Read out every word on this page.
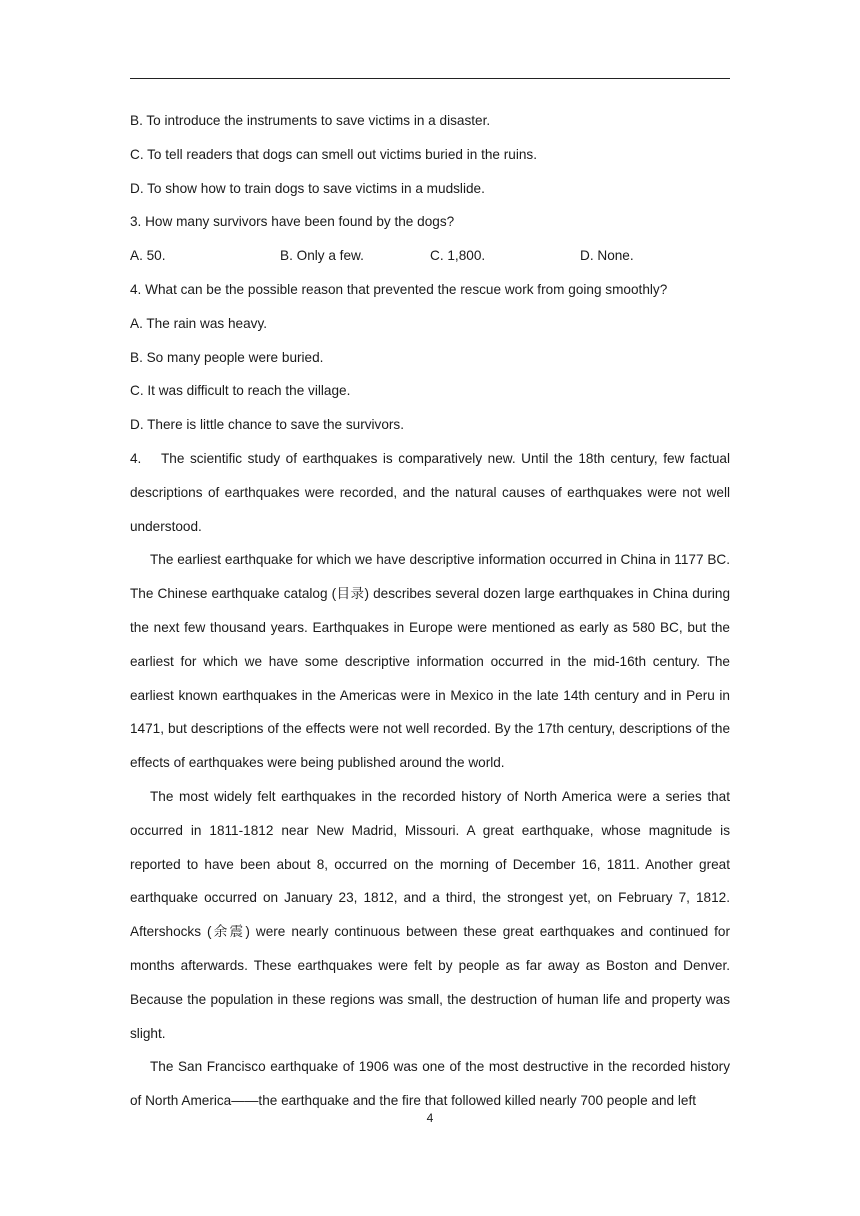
B. To introduce the instruments to save victims in a disaster.
C. To tell readers that dogs can smell out victims buried in the ruins.
D. To show how to train dogs to save victims in a mudslide.
3. How many survivors have been found by the dogs?
A. 50.	B. Only a few.	C. 1,800.	D. None.
4. What can be the possible reason that prevented the rescue work from going smoothly?
A. The rain was heavy.
B. So many people were buried.
C. It was difficult to reach the village.
D. There is little chance to save the survivors.
4. The scientific study of earthquakes is comparatively new. Until the 18th century, few factual descriptions of earthquakes were recorded, and the natural causes of earthquakes were not well understood.
The earliest earthquake for which we have descriptive information occurred in China in 1177 BC. The Chinese earthquake catalog (目录) describes several dozen large earthquakes in China during the next few thousand years. Earthquakes in Europe were mentioned as early as 580 BC, but the earliest for which we have some descriptive information occurred in the mid-16th century. The earliest known earthquakes in the Americas were in Mexico in the late 14th century and in Peru in 1471, but descriptions of the effects were not well recorded. By the 17th century, descriptions of the effects of earthquakes were being published around the world.
The most widely felt earthquakes in the recorded history of North America were a series that occurred in 1811-1812 near New Madrid, Missouri. A great earthquake, whose magnitude is reported to have been about 8, occurred on the morning of December 16, 1811. Another great earthquake occurred on January 23, 1812, and a third, the strongest yet, on February 7, 1812. Aftershocks (余震) were nearly continuous between these great earthquakes and continued for months afterwards. These earthquakes were felt by people as far away as Boston and Denver. Because the population in these regions was small, the destruction of human life and property was slight.
The San Francisco earthquake of 1906 was one of the most destructive in the recorded history of North America——the earthquake and the fire that followed killed nearly 700 people and left
4
